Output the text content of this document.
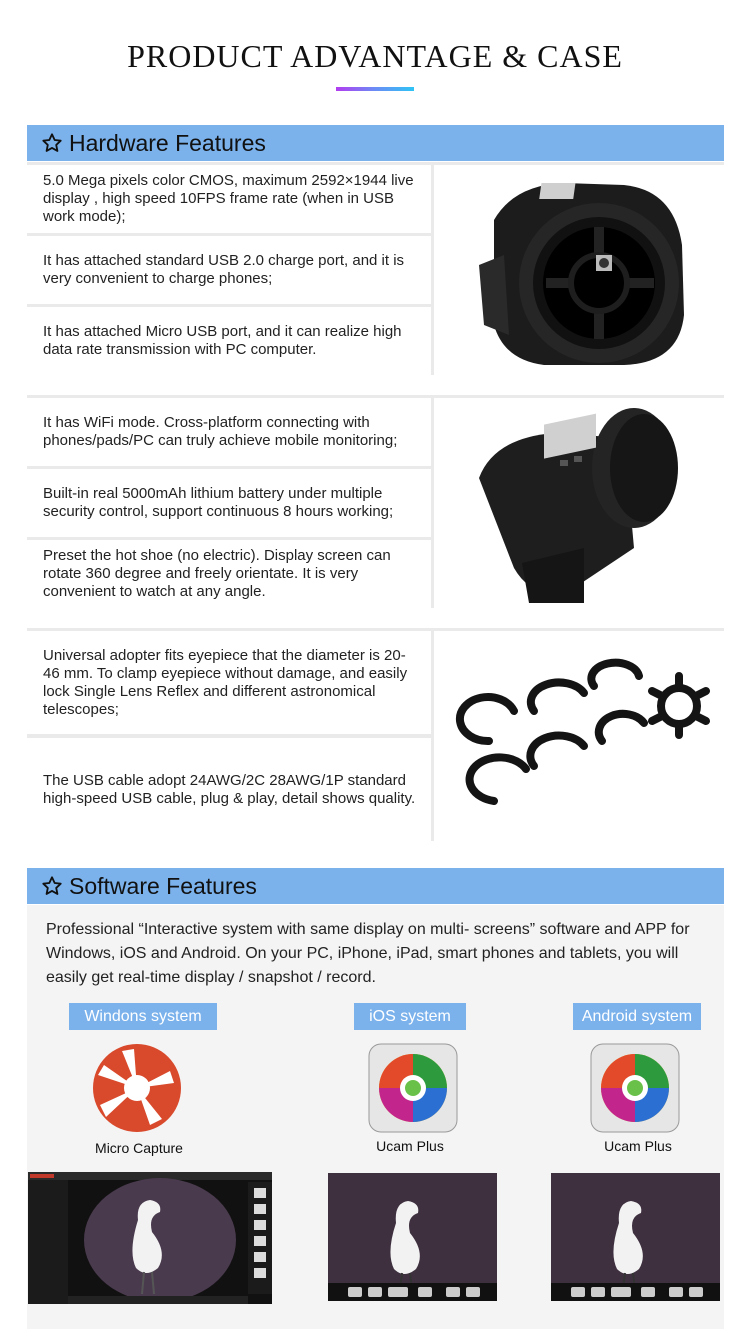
PRODUCT ADVANTAGE & CASE
Hardware Features
5.0 Mega pixels color CMOS, maximum 2592×1944 live display , high speed 10FPS frame rate (when in USB work mode);
It has attached standard USB 2.0 charge port, and it is very convenient to charge phones;
It has attached Micro USB port, and it can realize high data rate transmission with PC computer.
It has WiFi mode. Cross-platform connecting with phones/pads/PC can truly achieve mobile monitoring;
Built-in real 5000mAh lithium battery under multiple security control, support continuous 8 hours working;
Preset the hot shoe (no electric). Display screen can rotate 360 degree and freely orientate. It is very convenient to watch at any angle.
Universal adopter fits eyepiece that the diameter is 20-46 mm. To clamp eyepiece without damage, and easily lock Single Lens Reflex and different astronomical telescopes;
The USB cable adopt 24AWG/2C 28AWG/1P standard high-speed USB cable, plug & play, detail shows quality.
Software Features
Professional “Interactive system with same display on multi- screens” software and APP for Windows, iOS and Android. On your PC, iPhone, iPad, smart phones and tablets, you will easily get real-time display / snapshot / record.
Windons system	iOS system	Android system
Micro Capture	Ucam Plus	Ucam Plus
